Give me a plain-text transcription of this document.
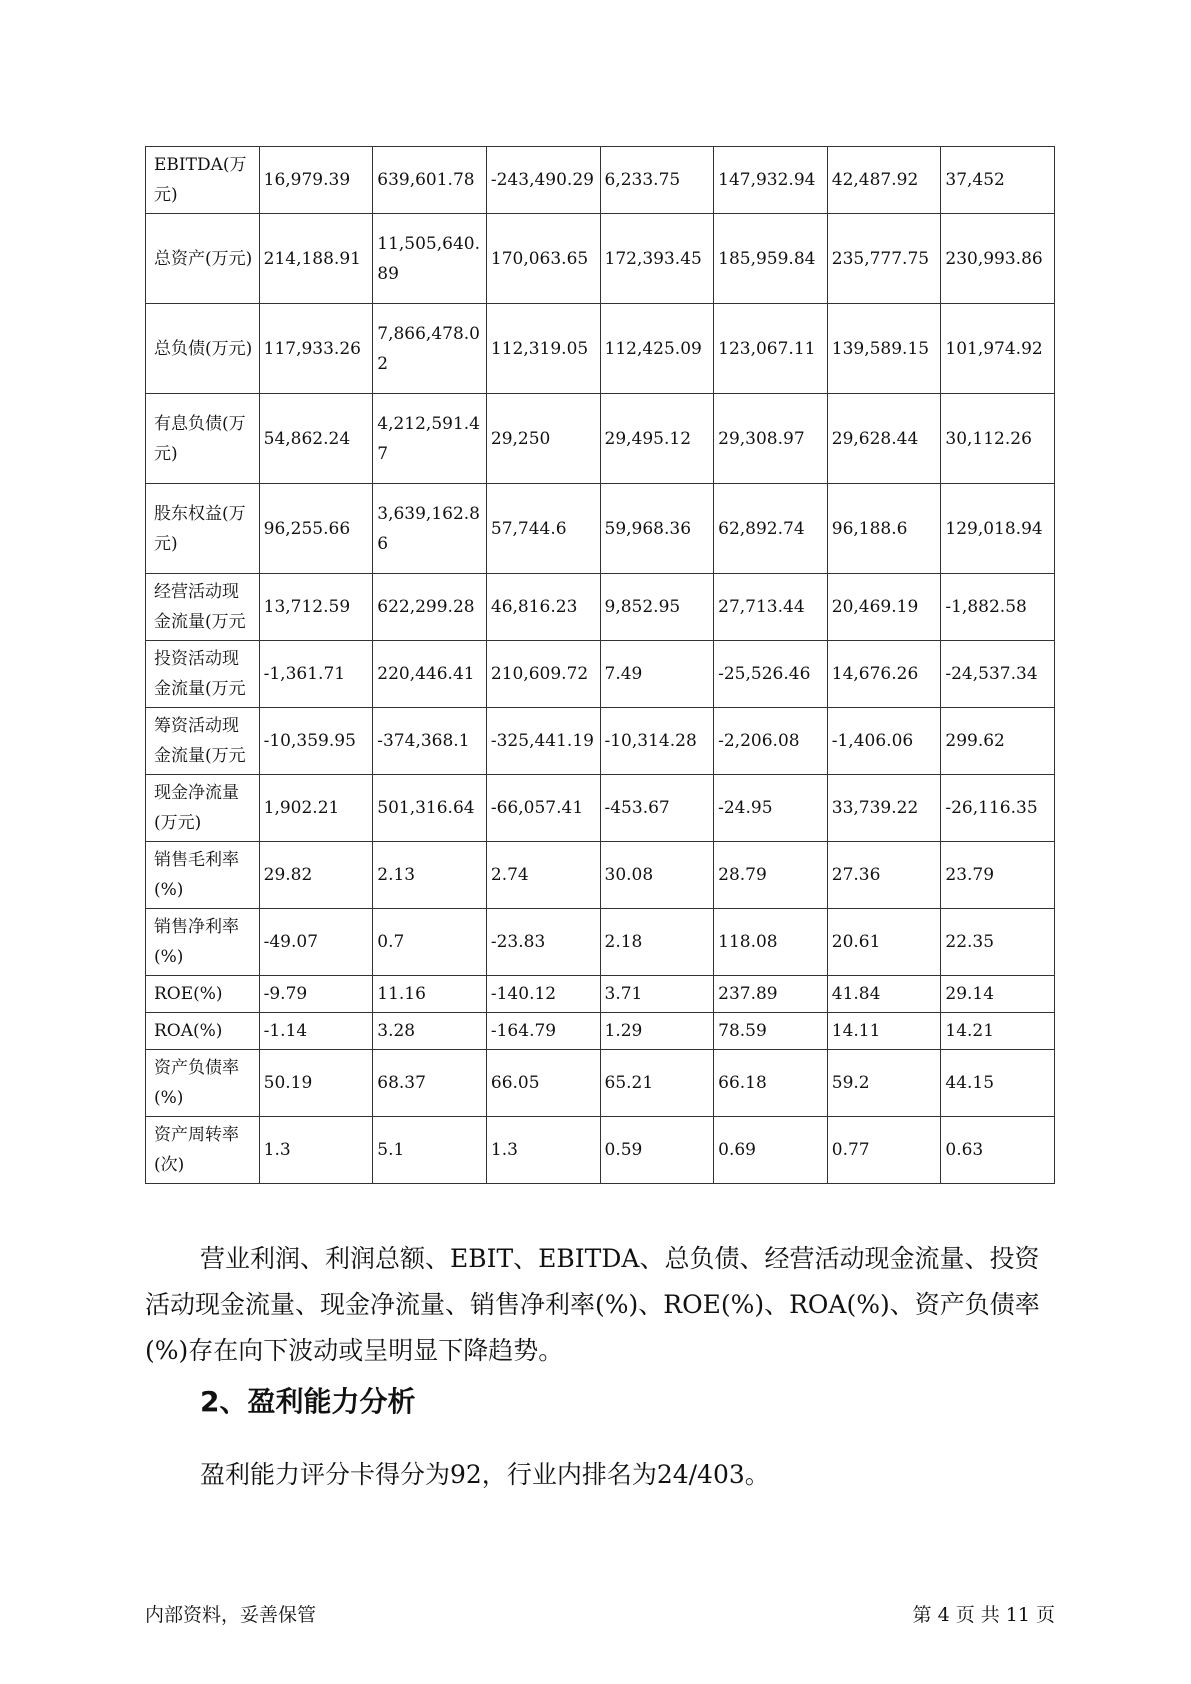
EBITDA(万元)	16,979.39	639,601.78	-243,490.29	6,233.75	147,932.94	42,487.92	37,452
总资产(万元)	214,188.91	11,505,640.89	170,063.65	172,393.45	185,959.84	235,777.75	230,993.86
总负债(万元)	117,933.26	7,866,478.02	112,319.05	112,425.09	123,067.11	139,589.15	101,974.92
有息负债(万元)	54,862.24	4,212,591.47	29,250	29,495.12	29,308.97	29,628.44	30,112.26
股东权益(万元)	96,255.66	3,639,162.86	57,744.6	59,968.36	62,892.74	96,188.6	129,018.94
经营活动现金流量(万元	13,712.59	622,299.28	46,816.23	9,852.95	27,713.44	20,469.19	-1,882.58
投资活动现金流量(万元	-1,361.71	220,446.41	210,609.72	7.49	-25,526.46	14,676.26	-24,537.34
筹资活动现金流量(万元	-10,359.95	-374,368.1	-325,441.19	-10,314.28	-2,206.08	-1,406.06	299.62
现金净流量(万元)	1,902.21	501,316.64	-66,057.41	-453.67	-24.95	33,739.22	-26,116.35
销售毛利率(%)	29.82	2.13	2.74	30.08	28.79	27.36	23.79
销售净利率(%)	-49.07	0.7	-23.83	2.18	118.08	20.61	22.35
ROE(%)	-9.79	11.16	-140.12	3.71	237.89	41.84	29.14
ROA(%)	-1.14	3.28	-164.79	1.29	78.59	14.11	14.21
资产负债率(%)	50.19	68.37	66.05	65.21	66.18	59.2	44.15
资产周转率(次)	1.3	5.1	1.3	0.59	0.69	0.77	0.63

营业利润、利润总额、EBIT、EBITDA、总负债、经营活动现金流量、投资活动现金流量、现金净流量、销售净利率(%)、ROE(%)、ROA(%)、资产负债率(%)存在向下波动或呈明显下降趋势。

2、盈利能力分析

盈利能力评分卡得分为92，行业内排名为24/403。

内部资料，妥善保管	第 4 页 共 11 页
